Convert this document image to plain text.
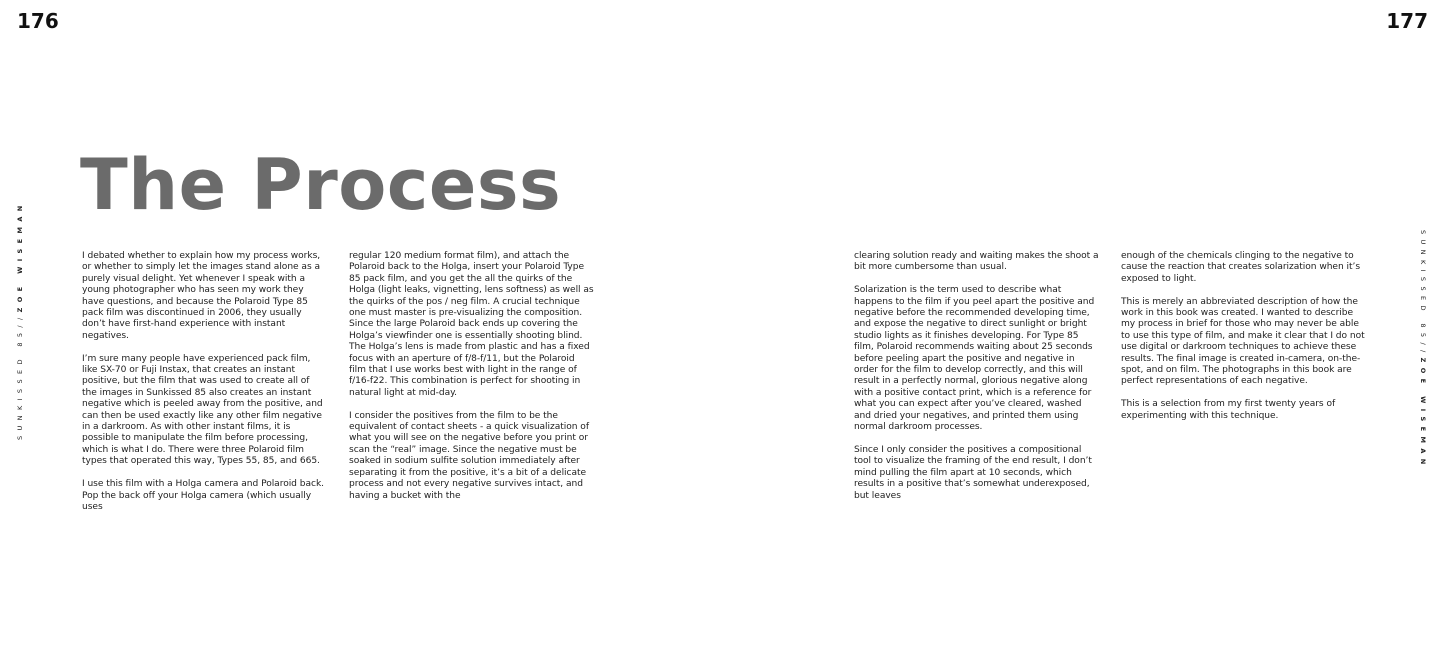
176	177
SUNKISSED 85//ZOE WISEMAN	SUNKISSED 85//ZOE WISEMAN
The Process

I debated whether to explain how my process works, or whether to simply let the images stand alone as a purely visual delight. Yet whenever I speak with a young photographer who has seen my work they have questions, and because the Polaroid Type 85 pack film was discontinued in 2006, they usually don’t have first-hand experience with instant negatives.

I’m sure many people have experienced pack film, like SX-70 or Fuji Instax, that creates an instant positive, but the film that was used to create all of the images in Sunkissed 85 also creates an instant negative which is peeled away from the positive, and can then be used exactly like any other film negative in a darkroom. As with other instant films, it is possible to manipulate the film before processing, which is what I do. There were three Polaroid film types that operated this way, Types 55, 85, and 665.

I use this film with a Holga camera and Polaroid back. Pop the back off your Holga camera (which usually uses

regular 120 medium format film), and attach the Polaroid back to the Holga, insert your Polaroid Type 85 pack film, and you get the all the quirks of the Holga (light leaks, vignetting, lens softness) as well as the quirks of the pos / neg film. A crucial technique one must master is pre-visualizing the composition. Since the large Polaroid back ends up covering the Holga’s viewfinder one is essentially shooting blind. The Holga’s lens is made from plastic and has a fixed focus with an aperture of f/8-f/11, but the Polaroid film that I use works best with light in the range of f/16-f22. This combination is perfect for shooting in natural light at mid-day.

I consider the positives from the film to be the equivalent of contact sheets - a quick visualization of what you will see on the negative before you print or scan the “real” image. Since the negative must be soaked in sodium sulfite solution immediately after separating it from the positive, it’s a bit of a delicate process and not every negative survives intact, and having a bucket with the

clearing solution ready and waiting makes the shoot a bit more cumbersome than usual.

Solarization is the term used to describe what happens to the film if you peel apart the positive and negative before the recommended developing time, and expose the negative to direct sunlight or bright studio lights as it finishes developing. For Type 85 film, Polaroid recommends waiting about 25 seconds before peeling apart the positive and negative in order for the film to develop correctly, and this will result in a perfectly normal, glorious negative along with a positive contact print, which is a reference for what you can expect after you’ve cleared, washed and dried your negatives, and printed them using normal darkroom processes.

Since I only consider the positives a compositional tool to visualize the framing of the end result, I don’t mind pulling the film apart at 10 seconds, which results in a positive that’s somewhat underexposed, but leaves

enough of the chemicals clinging to the negative to cause the reaction that creates solarization when it’s exposed to light.

This is merely an abbreviated description of how the work in this book was created. I wanted to describe my process in brief for those who may never be able to use this type of film, and make it clear that I do not use digital or darkroom techniques to achieve these results. The final image is created in-camera, on-the-spot, and on film. The photographs in this book are perfect representations of each negative.

This is a selection from my first twenty years of experimenting with this technique.
